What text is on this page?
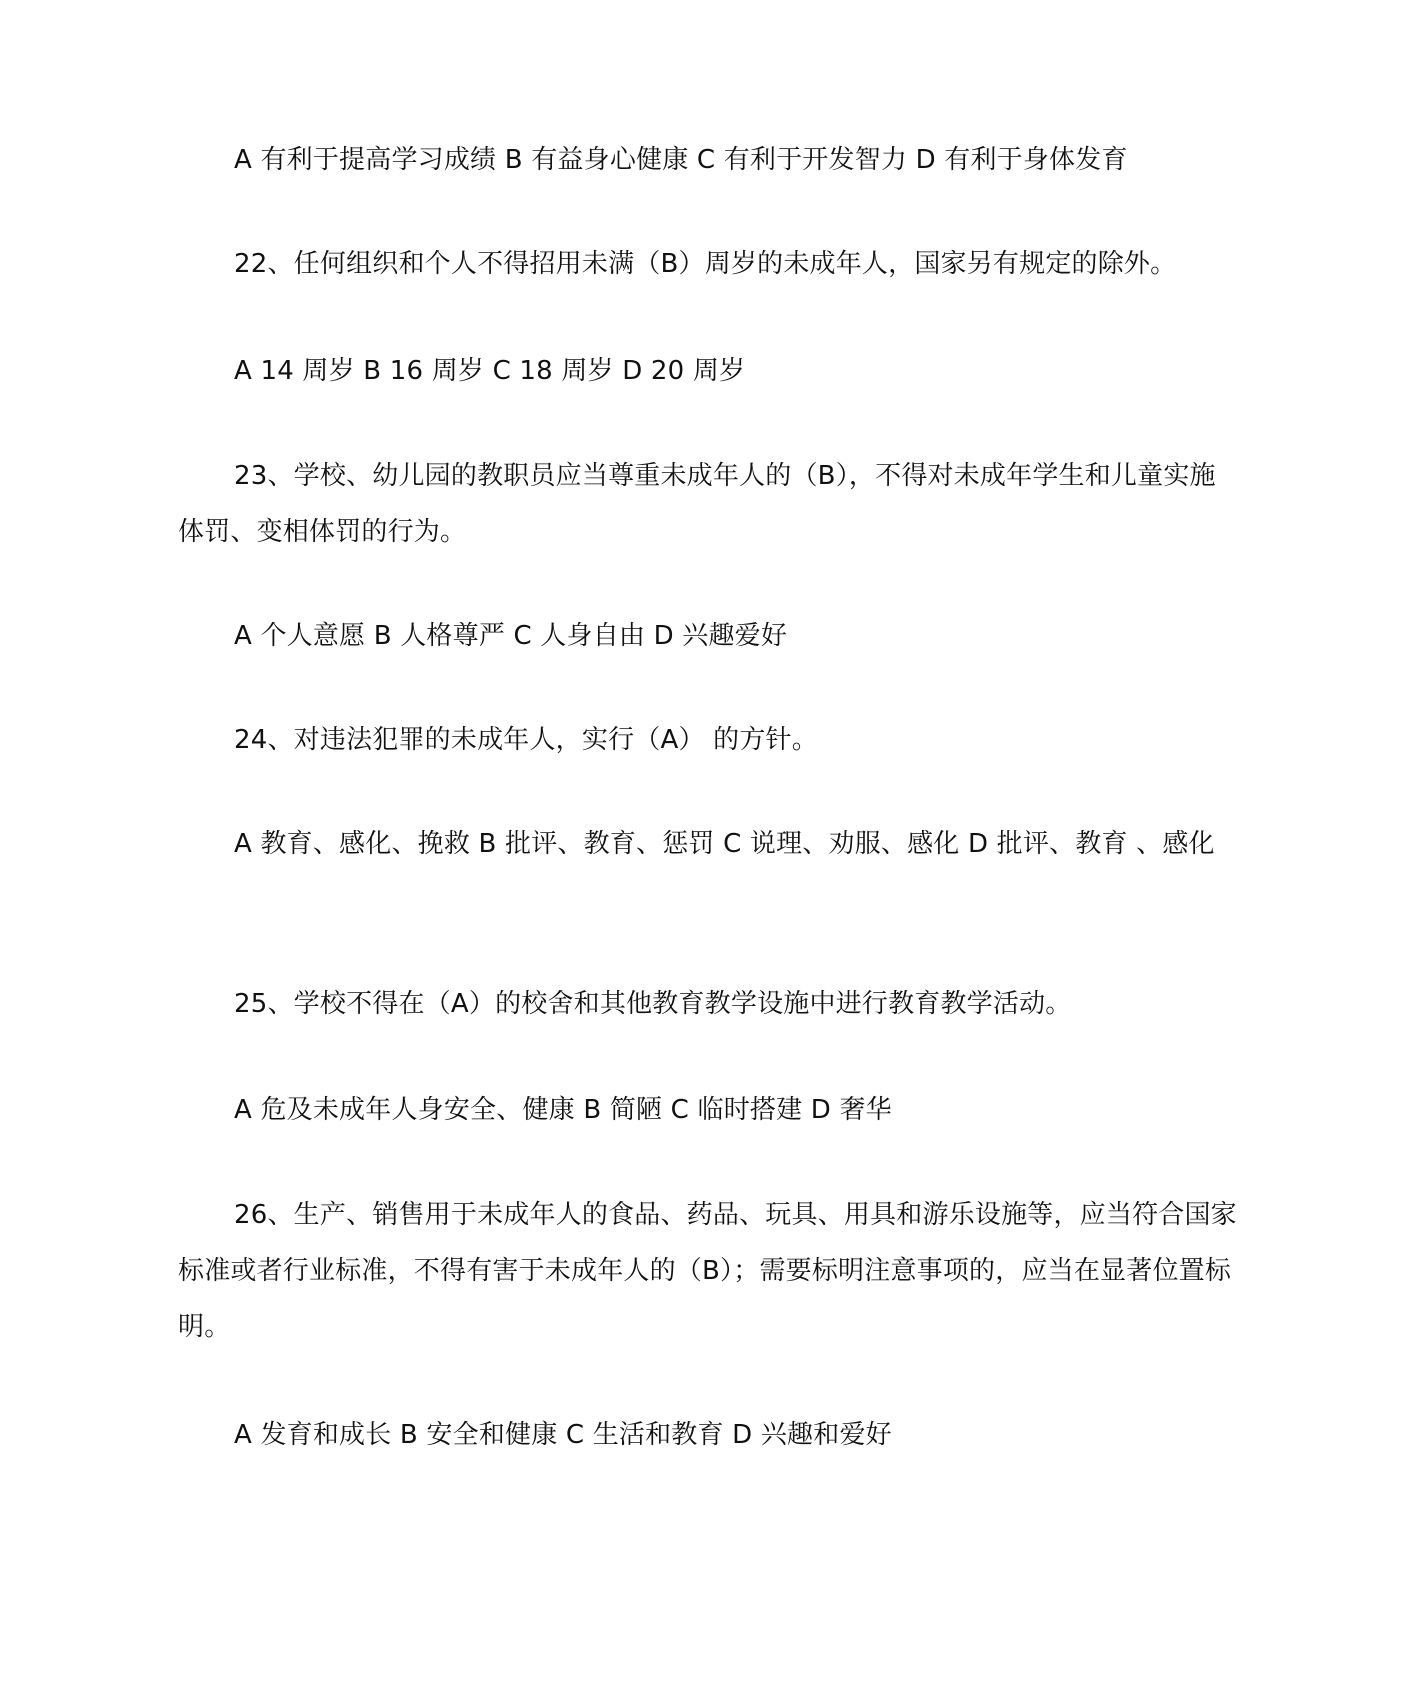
A 有利于提高学习成绩 B 有益身心健康 C 有利于开发智力 D 有利于身体发育
22、任何组织和个人不得招用未满（B）周岁的未成年人，国家另有规定的除外。
A 14 周岁 B 16 周岁 C 18 周岁 D 20 周岁
23、学校、幼儿园的教职员应当尊重未成年人的（B），不得对未成年学生和儿童实施体罚、变相体罚的行为。
A 个人意愿 B 人格尊严 C 人身自由 D 兴趣爱好
24、对违法犯罪的未成年人，实行（A） 的方针。
A 教育、感化、挽救 B 批评、教育、惩罚 C 说理、劝服、感化 D 批评、教育 、感化
25、学校不得在（A）的校舍和其他教育教学设施中进行教育教学活动。
A 危及未成年人身安全、健康 B 简陋 C 临时搭建 D 奢华
26、生产、销售用于未成年人的食品、药品、玩具、用具和游乐设施等，应当符合国家标准或者行业标准，不得有害于未成年人的（B）；需要标明注意事项的，应当在显著位置标明。
A 发育和成长 B 安全和健康 C 生活和教育 D 兴趣和爱好
